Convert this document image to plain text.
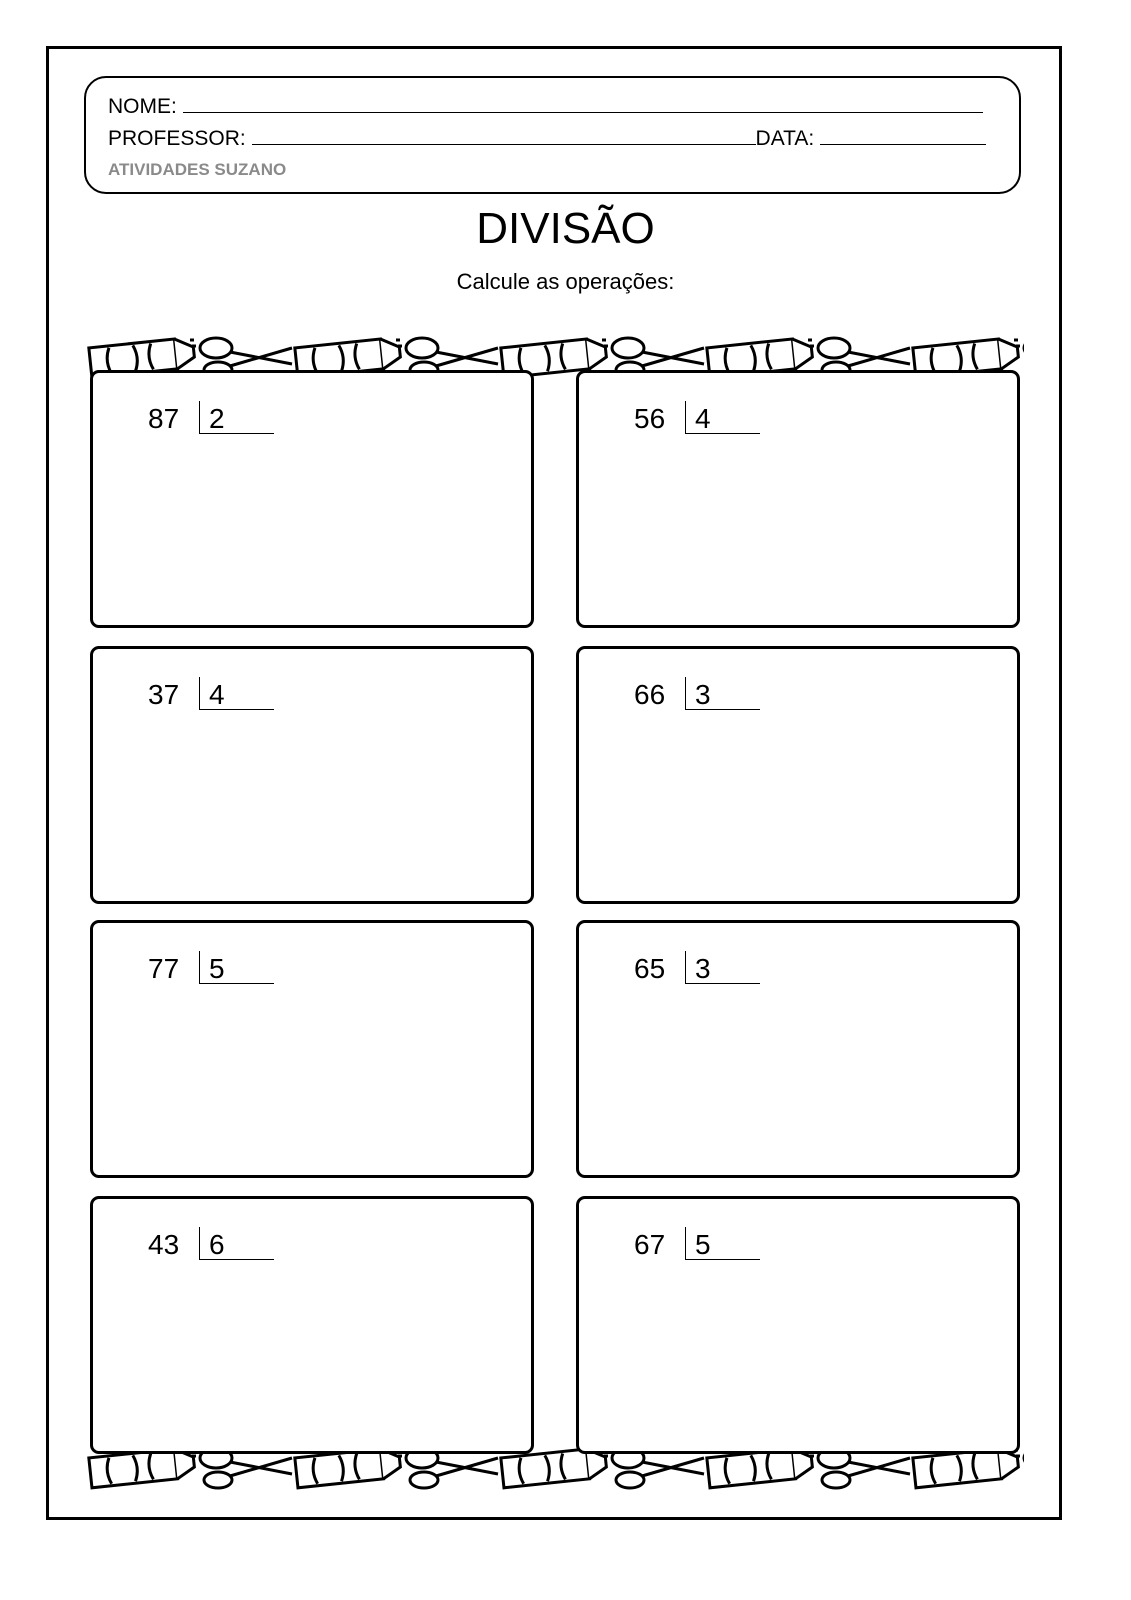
NOME:
PROFESSOR:	DATA:
ATIVIDADES SUZANO
DIVISÃO
Calcule as operações:
87 2	56 4
37 4	66 3
77 5	65 3
43 6	67 5
